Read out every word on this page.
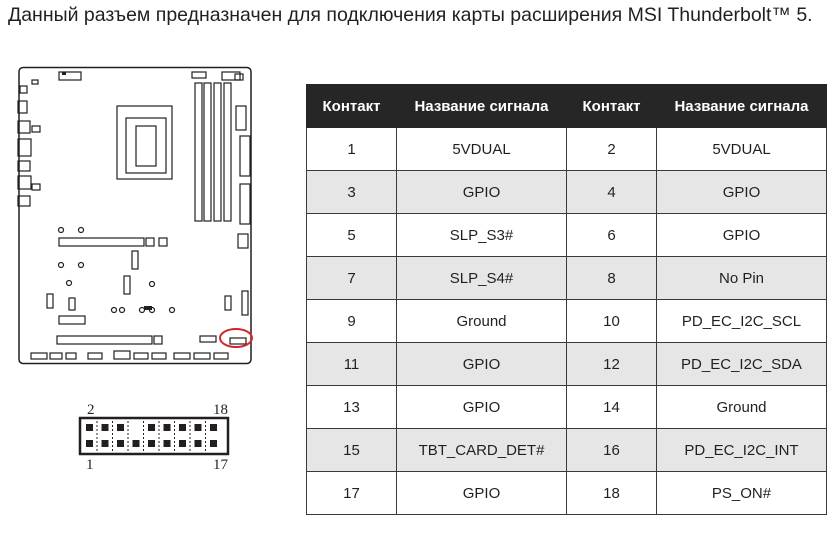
Данный разъем предназначен для подключения карты расширения MSI Thunderbolt™ 5.

2	18
1	17
Контакт	Название сигнала	Контакт	Название сигнала
1	5VDUAL	2	5VDUAL
3	GPIO	4	GPIO
5	SLP_S3#	6	GPIO
7	SLP_S4#	8	No Pin
9	Ground	10	PD_EC_I2C_SCL
11	GPIO	12	PD_EC_I2C_SDA
13	GPIO	14	Ground
15	TBT_CARD_DET#	16	PD_EC_I2C_INT
17	GPIO	18	PS_ON#
